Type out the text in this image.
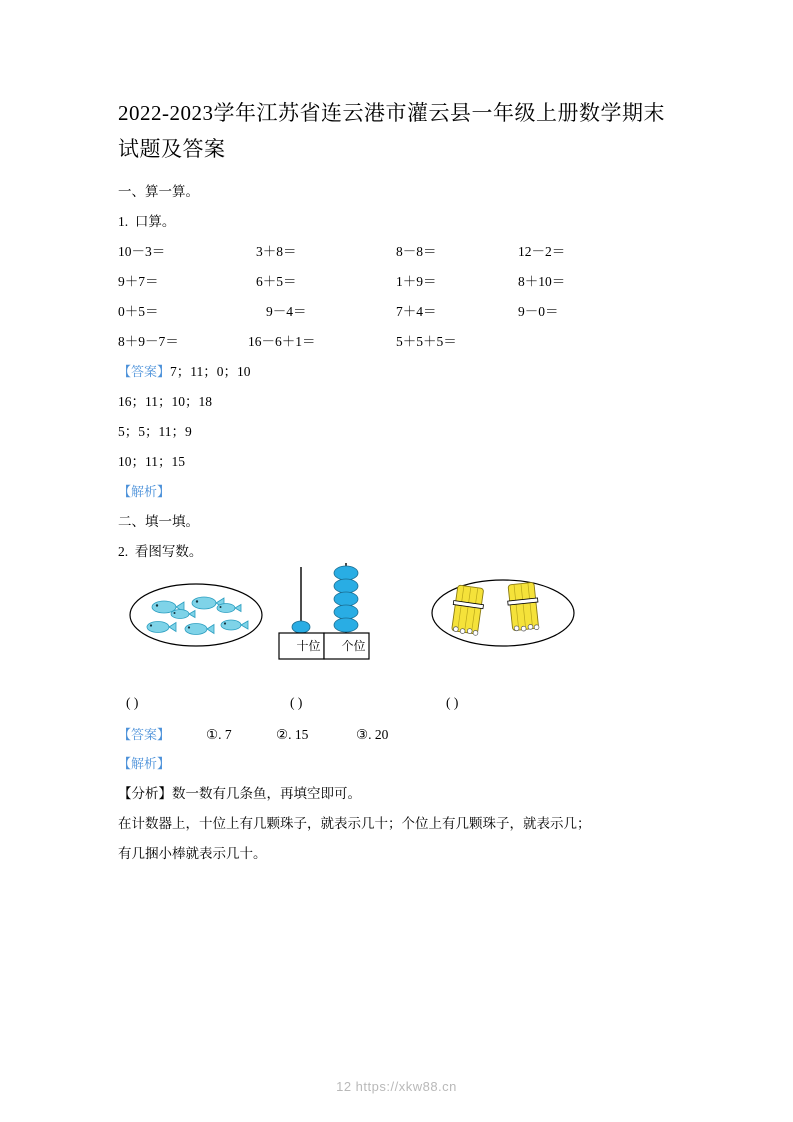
2022-2023学年江苏省连云港市灌云县一年级上册数学期末试题及答案

一、算一算。

1.  口算。

10－3＝	3＋8＝	8－8＝	12－2＝
9＋7＝	6＋5＝	1＋9＝	8＋10＝
0＋5＝	9－4＝	7＋4＝	9－0＝
8＋9－7＝	16－6＋1＝	5＋5＋5＝
【答案】7；11；0；10

16；11；10；18

5；5；11；9

10；11；15

【解析】

二、填一填。

2.  看图写数。

十位	个位
( )	( )	( )
【答案】	①. 7	②. 15	③. 20
【解析】

【分析】数一数有几条鱼，再填空即可。

在计数器上，十位上有几颗珠子，就表示几十；个位上有几颗珠子，就表示几；

有几捆小棒就表示几十。

12 https://xkw88.cn
